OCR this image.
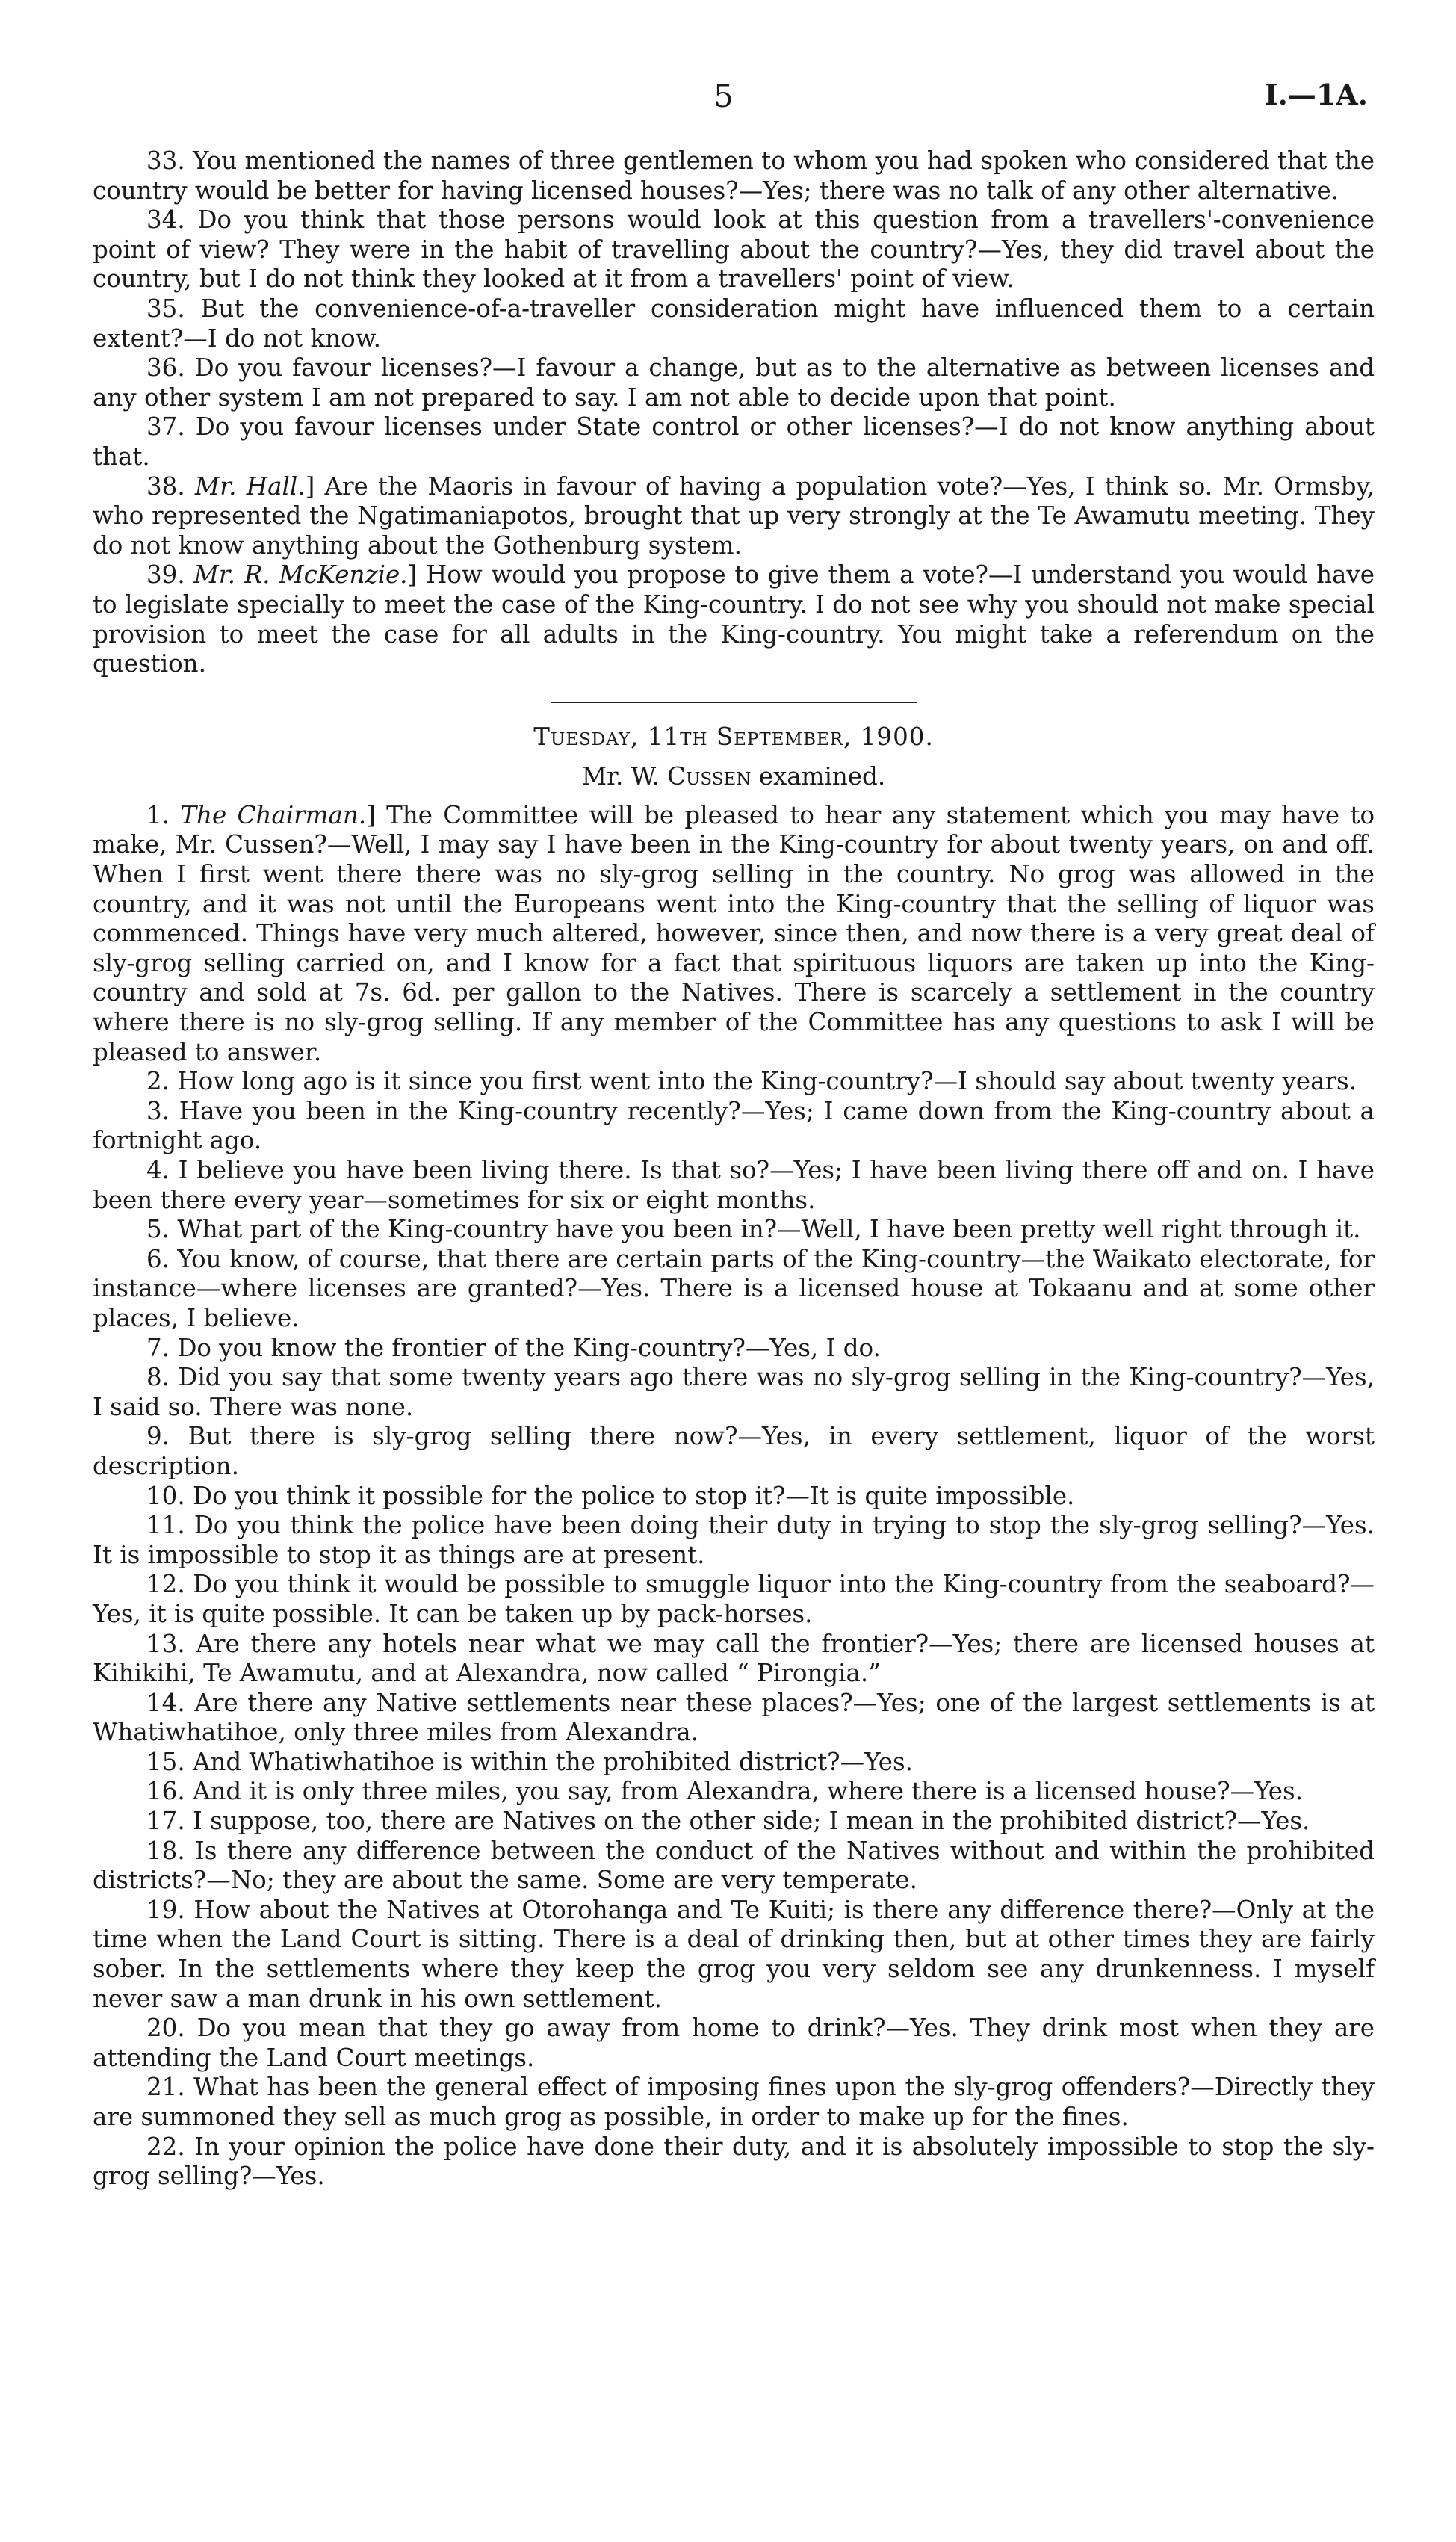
5	I.—1A.

33. You mentioned the names of three gentlemen to whom you had spoken who considered that the country would be better for having licensed houses?—Yes; there was no talk of any other alternative.

34. Do you think that those persons would look at this question from a travellers'-convenience point of view? They were in the habit of travelling about the country?—Yes, they did travel about the country, but I do not think they looked at it from a travellers' point of view.

35. But the convenience-of-a-traveller consideration might have influenced them to a certain extent?—I do not know.

36. Do you favour licenses?—I favour a change, but as to the alternative as between licenses and any other system I am not prepared to say. I am not able to decide upon that point.

37. Do you favour licenses under State control or other licenses?—I do not know anything about that.

38. Mr. Hall.] Are the Maoris in favour of having a population vote?—Yes, I think so. Mr. Ormsby, who represented the Ngatimaniapotos, brought that up very strongly at the Te Awamutu meeting. They do not know anything about the Gothenburg system.

39. Mr. R. McKenzie.] How would you propose to give them a vote?—I understand you would have to legislate specially to meet the case of the King-country. I do not see why you should not make special provision to meet the case for all adults in the King-country. You might take a referendum on the question.

Tuesday, 11th September, 1900.

Mr. W. Cussen examined.

1. The Chairman.] The Committee will be pleased to hear any statement which you may have to make, Mr. Cussen?—Well, I may say I have been in the King-country for about twenty years, on and off. When I first went there there was no sly-grog selling in the country. No grog was allowed in the country, and it was not until the Europeans went into the King-country that the selling of liquor was commenced. Things have very much altered, however, since then, and now there is a very great deal of sly-grog selling carried on, and I know for a fact that spirituous liquors are taken up into the King-country and sold at 7s. 6d. per gallon to the Natives. There is scarcely a settlement in the country where there is no sly-grog selling. If any member of the Committee has any questions to ask I will be pleased to answer.

2. How long ago is it since you first went into the King-country?—I should say about twenty years.

3. Have you been in the King-country recently?—Yes; I came down from the King-country about a fortnight ago.

4. I believe you have been living there. Is that so?—Yes; I have been living there off and on. I have been there every year—sometimes for six or eight months.

5. What part of the King-country have you been in?—Well, I have been pretty well right through it.

6. You know, of course, that there are certain parts of the King-country—the Waikato electorate, for instance—where licenses are granted?—Yes. There is a licensed house at Tokaanu and at some other places, I believe.

7. Do you know the frontier of the King-country?—Yes, I do.

8. Did you say that some twenty years ago there was no sly-grog selling in the King-country?—Yes, I said so. There was none.

9. But there is sly-grog selling there now?—Yes, in every settlement, liquor of the worst description.

10. Do you think it possible for the police to stop it?—It is quite impossible.

11. Do you think the police have been doing their duty in trying to stop the sly-grog selling?—Yes. It is impossible to stop it as things are at present.

12. Do you think it would be possible to smuggle liquor into the King-country from the seaboard?—Yes, it is quite possible. It can be taken up by pack-horses.

13. Are there any hotels near what we may call the frontier?—Yes; there are licensed houses at Kihikihi, Te Awamutu, and at Alexandra, now called “ Pirongia.”

14. Are there any Native settlements near these places?—Yes; one of the largest settlements is at Whatiwhatihoe, only three miles from Alexandra.

15. And Whatiwhatihoe is within the prohibited district?—Yes.

16. And it is only three miles, you say, from Alexandra, where there is a licensed house?—Yes.

17. I suppose, too, there are Natives on the other side; I mean in the prohibited district?—Yes.

18. Is there any difference between the conduct of the Natives without and within the prohibited districts?—No; they are about the same. Some are very temperate.

19. How about the Natives at Otorohanga and Te Kuiti; is there any difference there?—Only at the time when the Land Court is sitting. There is a deal of drinking then, but at other times they are fairly sober. In the settlements where they keep the grog you very seldom see any drunkenness. I myself never saw a man drunk in his own settlement.

20. Do you mean that they go away from home to drink?—Yes. They drink most when they are attending the Land Court meetings.

21. What has been the general effect of imposing fines upon the sly-grog offenders?—Directly they are summoned they sell as much grog as possible, in order to make up for the fines.

22. In your opinion the police have done their duty, and it is absolutely impossible to stop the sly-grog selling?—Yes.
